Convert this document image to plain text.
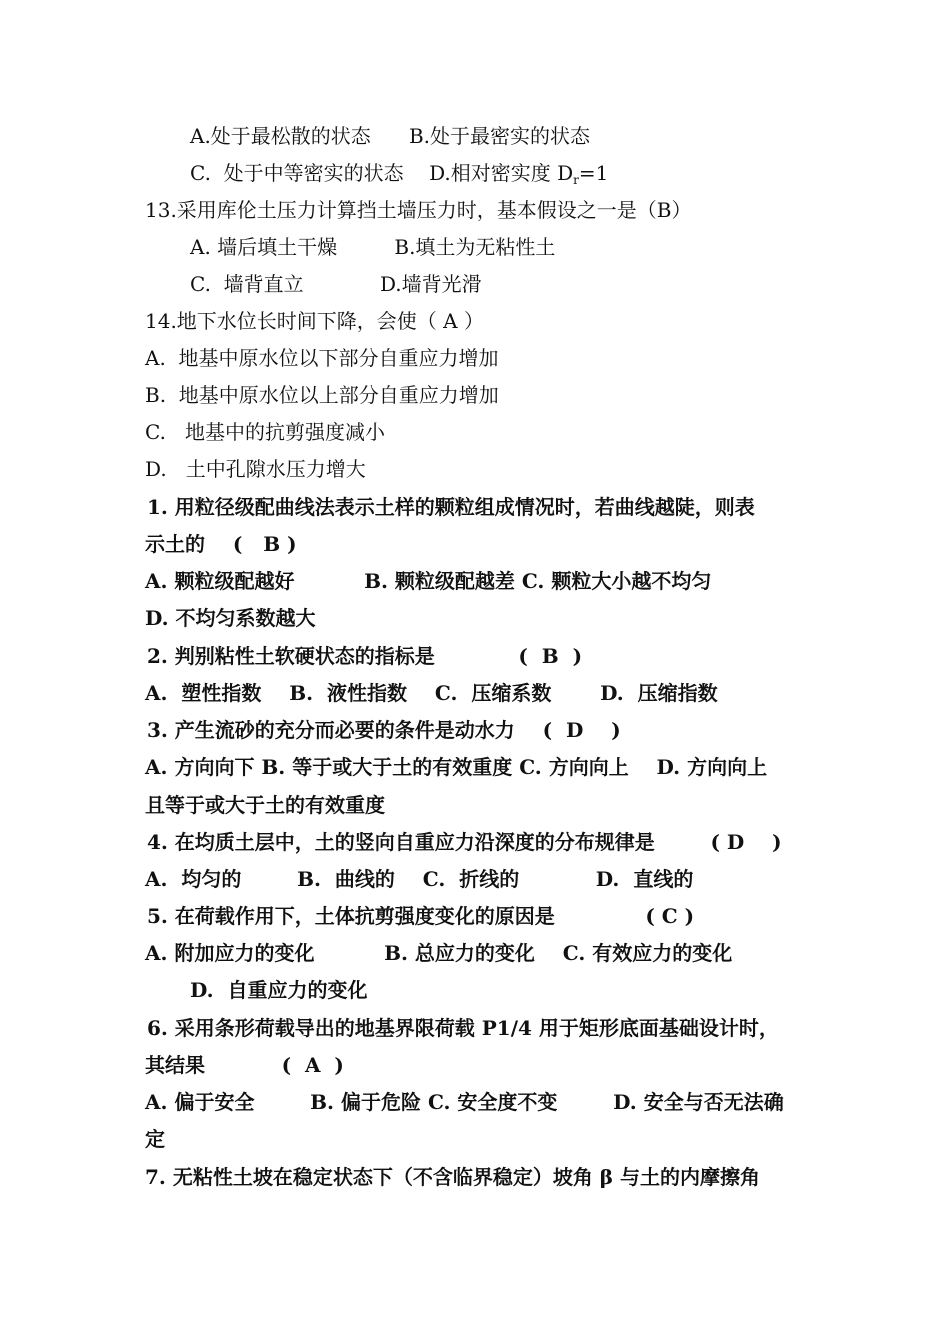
A.处于最松散的状态      B.处于最密实的状态
C.  处于中等密实的状态    D.相对密实度 $D_r=1$
13.采用库伦土压力计算挡土墙压力时，基本假设之一是（B）
A. 墙后填土干燥         B.填土为无粘性土
C.  墙背直立            D.墙背光滑
14.地下水位长时间下降，会使（ A ）
A.  地基中原水位以下部分自重应力增加
B.  地基中原水位以上部分自重应力增加
C.   地基中的抗剪强度减小
D.   土中孔隙水压力增大
1. 用粒径级配曲线法表示土样的颗粒组成情况时，若曲线越陡，则表
示土的    (   B )
A. 颗粒级配越好          B. 颗粒级配越差 C. 颗粒大小越不均匀
D. 不均匀系数越大
2. 判别粘性土软硬状态的指标是            (  B  )
A.  塑性指数    B.  液性指数    C.  压缩系数       D.  压缩指数
3. 产生流砂的充分而必要的条件是动水力    (  D    )
A. 方向向下 B. 等于或大于土的有效重度 C. 方向向上    D. 方向向上
且等于或大于土的有效重度
4. 在均质土层中，土的竖向自重应力沿深度的分布规律是        ( D    )
A.  均匀的        B.  曲线的    C.  折线的           D.  直线的
5. 在荷载作用下，土体抗剪强度变化的原因是             ( C )
A. 附加应力的变化          B. 总应力的变化    C. 有效应力的变化
D.  自重应力的变化
6. 采用条形荷载导出的地基界限荷载 P1/4 用于矩形底面基础设计时，
其结果           (  A  )
A. 偏于安全        B. 偏于危险 C. 安全度不变        D. 安全与否无法确
定
7. 无粘性土坡在稳定状态下（不含临界稳定）坡角 β 与土的内摩擦角
